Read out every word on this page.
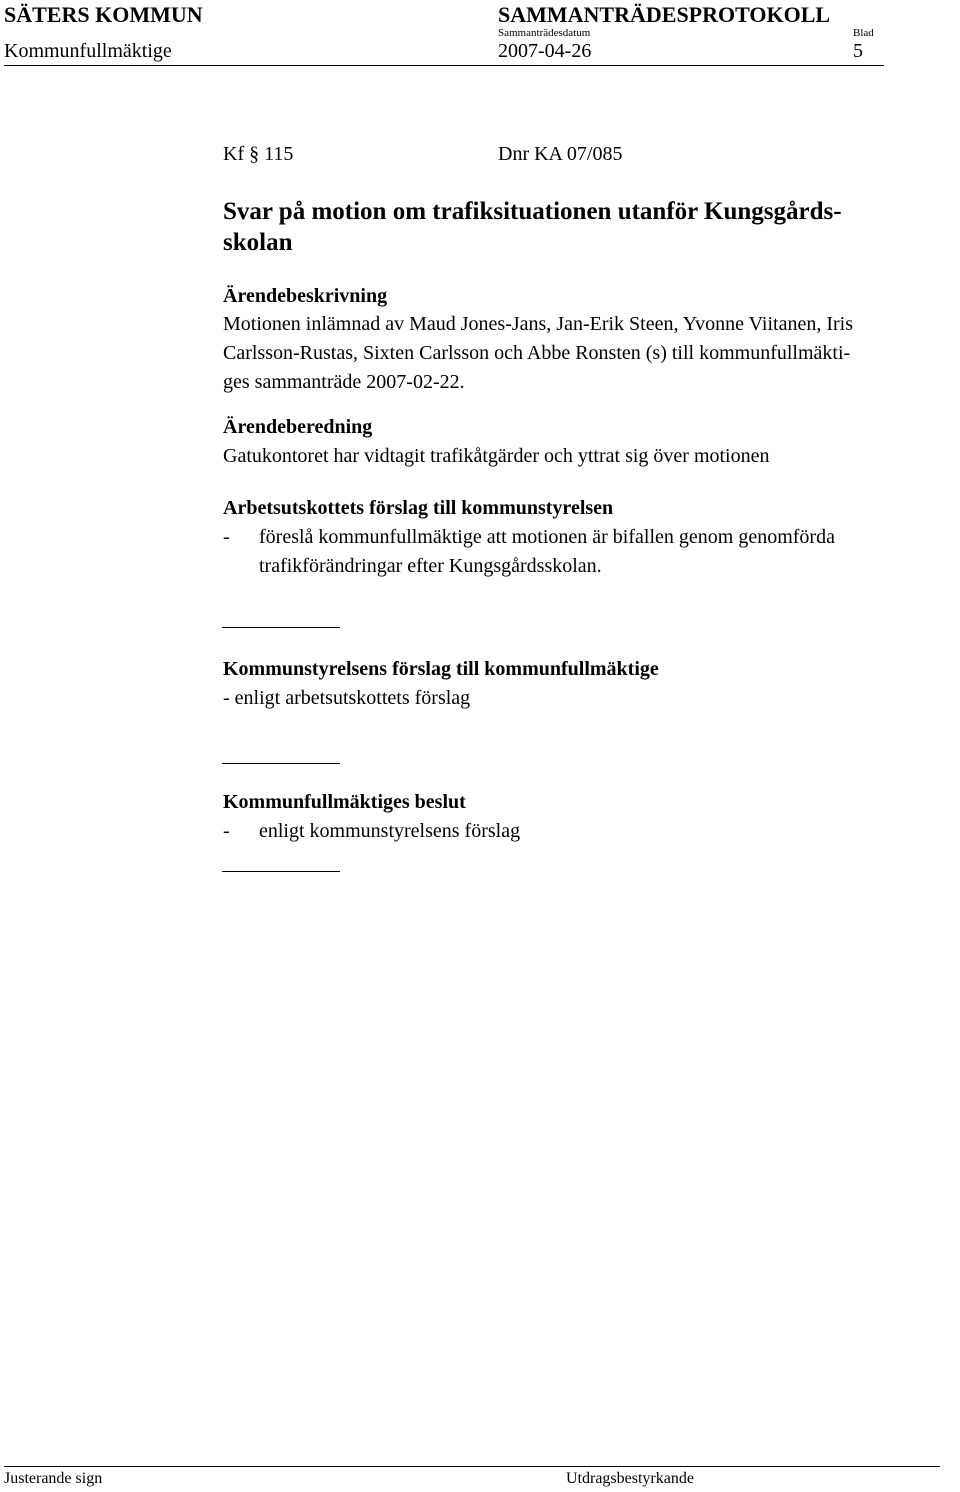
SÄTERS KOMMUN	SAMMANTRÄDESPROTOKOLL
Sammanträdesdatum	Blad
Kommunfullmäktige	2007-04-26	5
Kf § 115	Dnr KA 07/085
Svar på motion om trafiksituationen utanför Kungsgårds-
skolan
Ärendebeskrivning
Motionen inlämnad av Maud Jones-Jans, Jan-Erik Steen, Yvonne Viitanen, Iris
Carlsson-Rustas, Sixten Carlsson och Abbe Ronsten (s) till kommunfullmäkti-
ges sammanträde 2007-02-22.
Ärendeberedning
Gatukontoret har vidtagit trafikåtgärder och yttrat sig över motionen
Arbetsutskottets förslag till kommunstyrelsen
- föreslå kommunfullmäktige att motionen är bifallen genom genomförda
trafikförändringar efter Kungsgårdsskolan.
Kommunstyrelsens förslag till kommunfullmäktige
- enligt arbetsutskottets förslag
Kommunfullmäktiges beslut
- enligt kommunstyrelsens förslag
Justerande sign	Utdragsbestyrkande
